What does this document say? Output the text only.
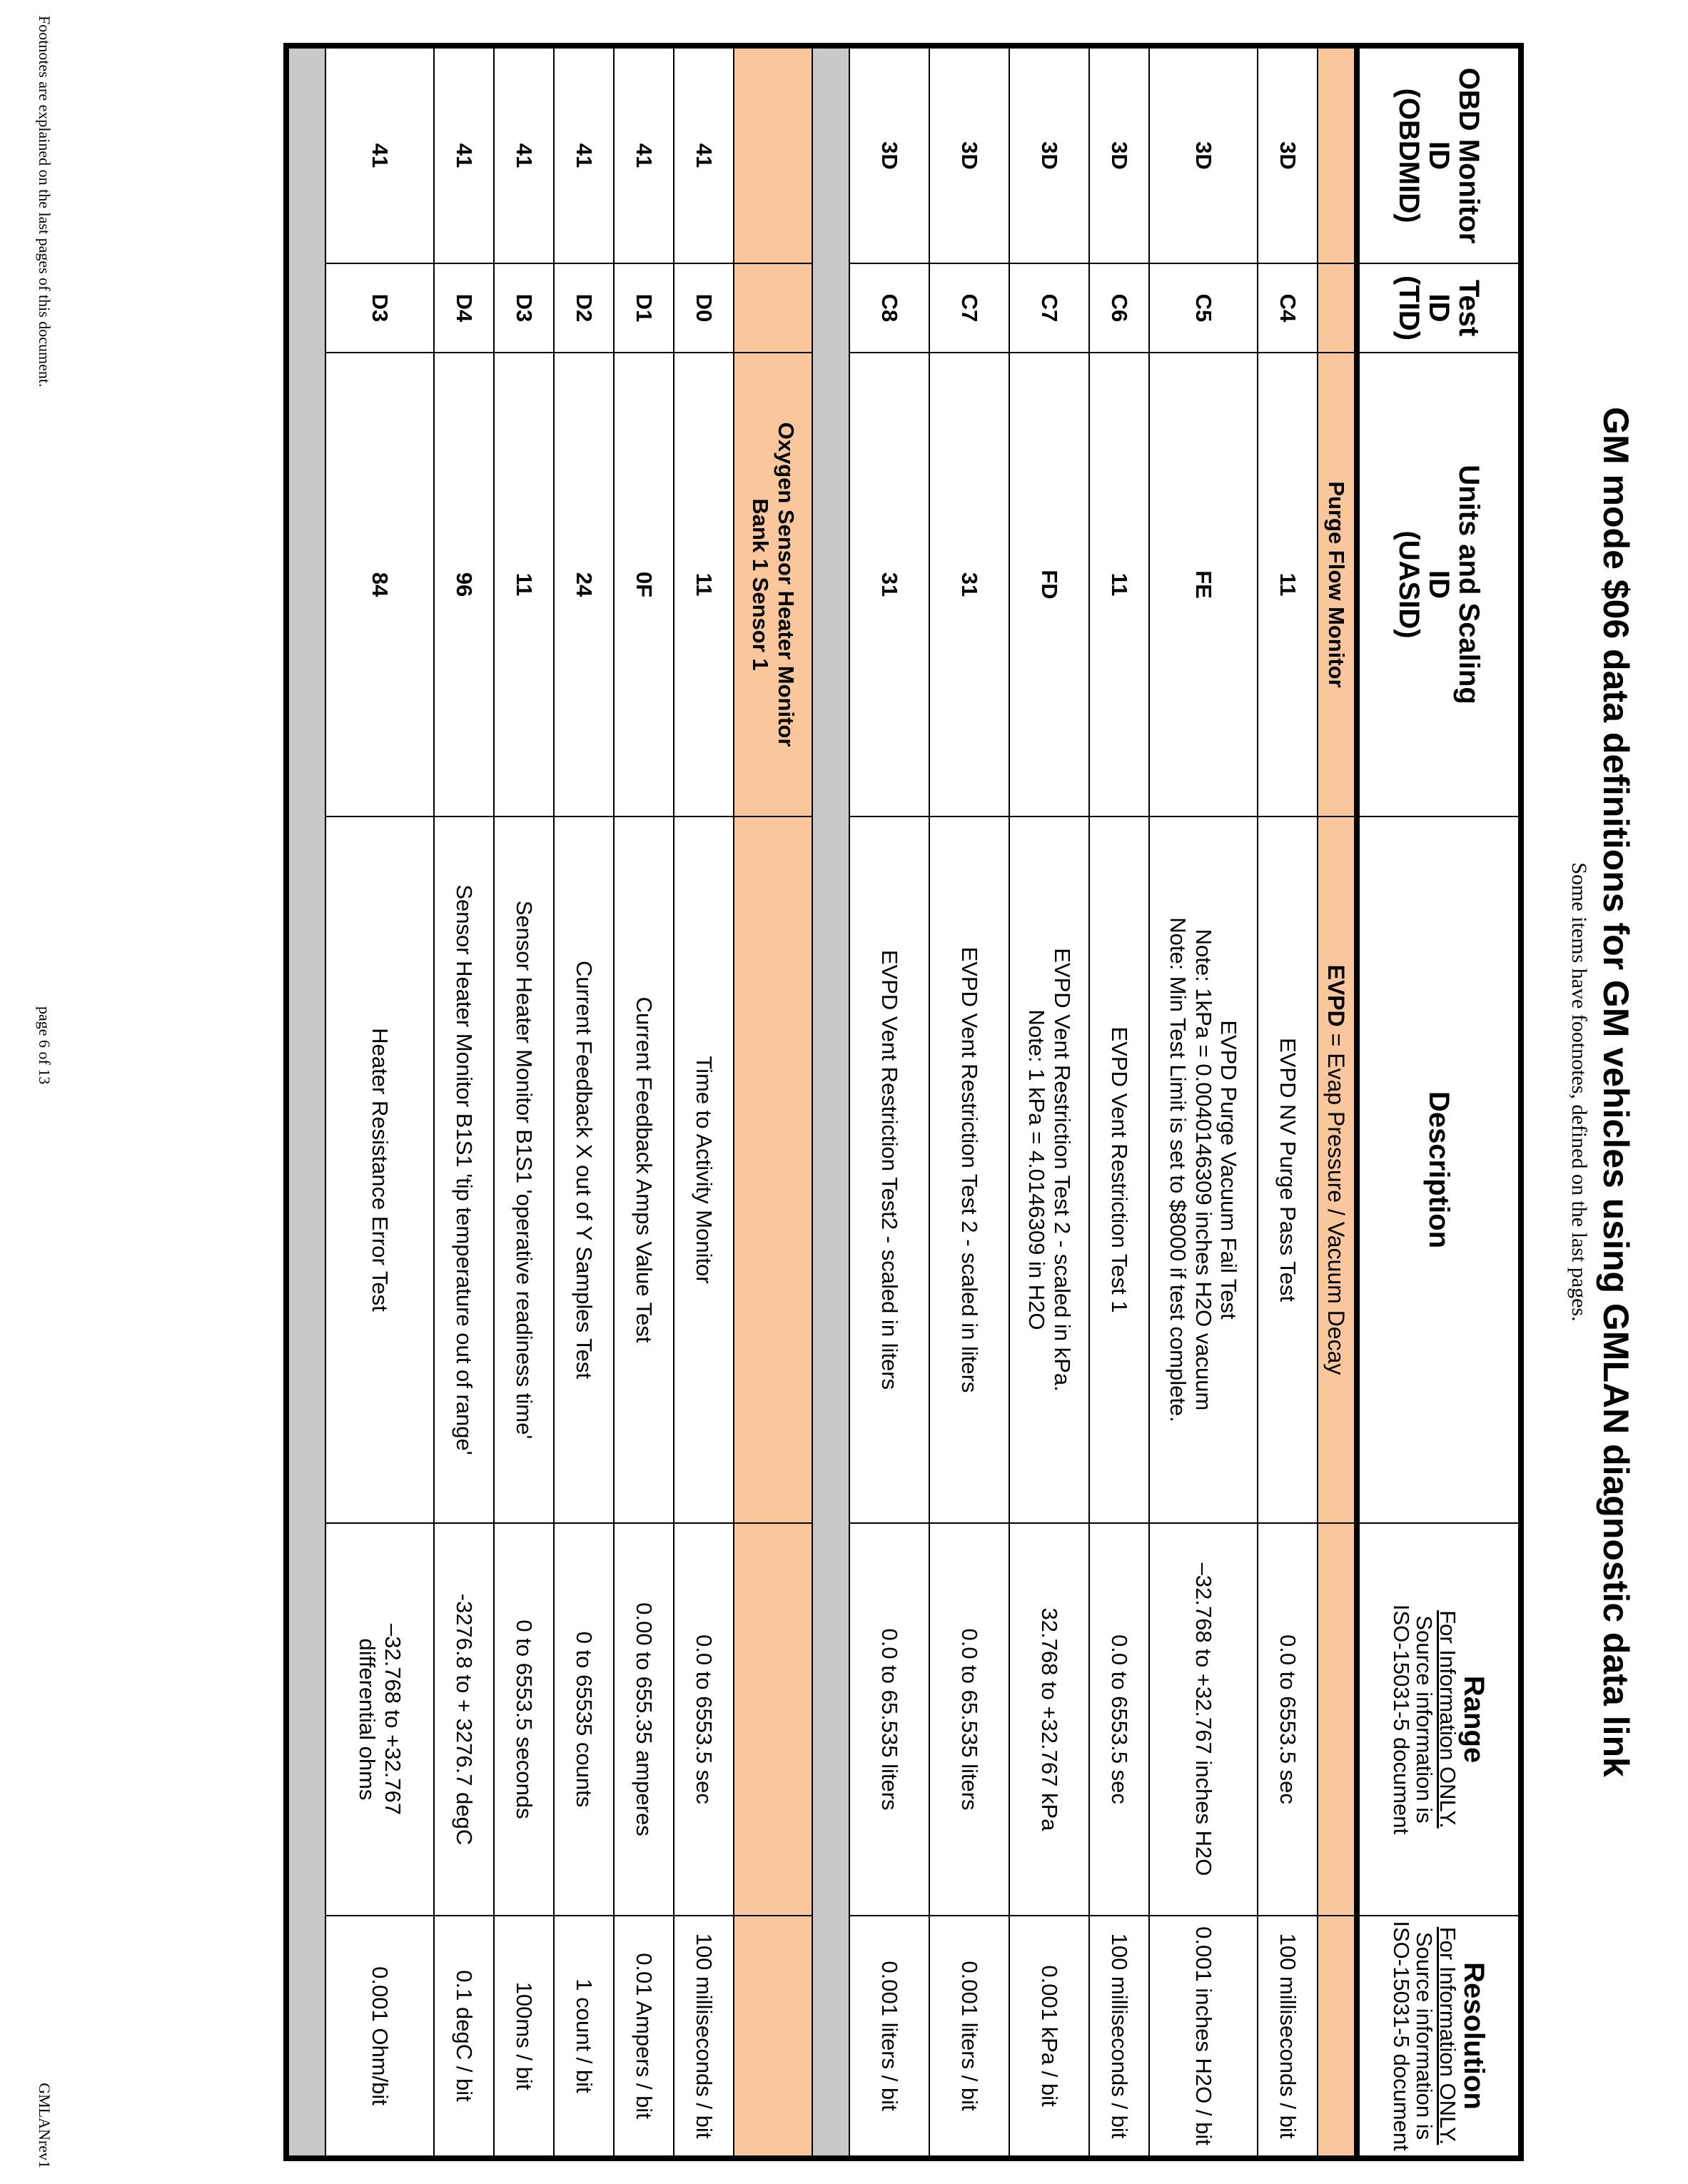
GM mode $06 data definitions for GM vehicles using GMLAN diagnostic data link
Some items have footnotes, defined on the last pages.
OBD Monitor
ID
(OBDMID)	Test
ID
(TID)	Units and Scaling
ID
(UASID)	Description	Range
For Information ONLY.
Source information is
ISO-15031-5 document	Resolution
For Information ONLY.
Source information is
ISO-15031-5 document

		Purge Flow Monitor	EVPD = Evap Pressure / Vacuum Decay		
3D	C4	11	EVPD NV Purge Pass Test	0.0 to 6553.5 sec	100 milliseconds / bit
3D	C5	FE	EVPD Purge Vacuum Fail Test
Note: 1kPa = 0.0040146309 inches H2O vacuum
Note: Min Test Limit is set to $8000 if test complete.	–32.768 to +32.767 inches H2O	0.001 inches H2O / bit
3D	C6	11	EVPD Vent Restriction Test 1	0.0 to 6553.5 sec	100 milliseconds / bit
3D	C7	FD	EVPD Vent Restriction Test 2 - scaled in kPa.
Note: 1 kPa = 4.0146309 in H2O	32.768 to +32.767 kPa	0.001 kPa / bit
3D	C7	31	EVPD Vent Restriction Test 2 - scaled in liters	0.0 to 65.535 liters	0.001 liters / bit
3D	C8	31	EVPD Vent Restriction Test2 - scaled in liters	0.0 to 65.535 liters	0.001 liters / bit

		Oxygen Sensor Heater Monitor
Bank 1 Sensor 1			

41	D0	11	Time to Activity Monitor	0.0 to 6553.5 sec	100 milliseconds / bit
41	D1	0F	Current Feedback Amps Value Test	0.00 to 655.35 amperes	0.01 Ampers / bit
41	D2	24	Current Feedback X out of Y Samples Test	0 to 65535 counts	1 count / bit
41	D3	11	Sensor Heater Monitor B1S1 'operative readiness time'	0 to 6553.5 seconds	100ms / bit
41	D4	96	Sensor Heater Monitor B1S1 'tip temperature out of range'	-3276.8 to + 3276.7 degC	0.1 degC / bit
41	D3	84	Heater Resistance Error Test	–32.768 to +32.767
differential ohms	0.001 Ohm/bit

Footnotes are explained on the last pages of this document.
page 6 of 13
GMLANrev1
